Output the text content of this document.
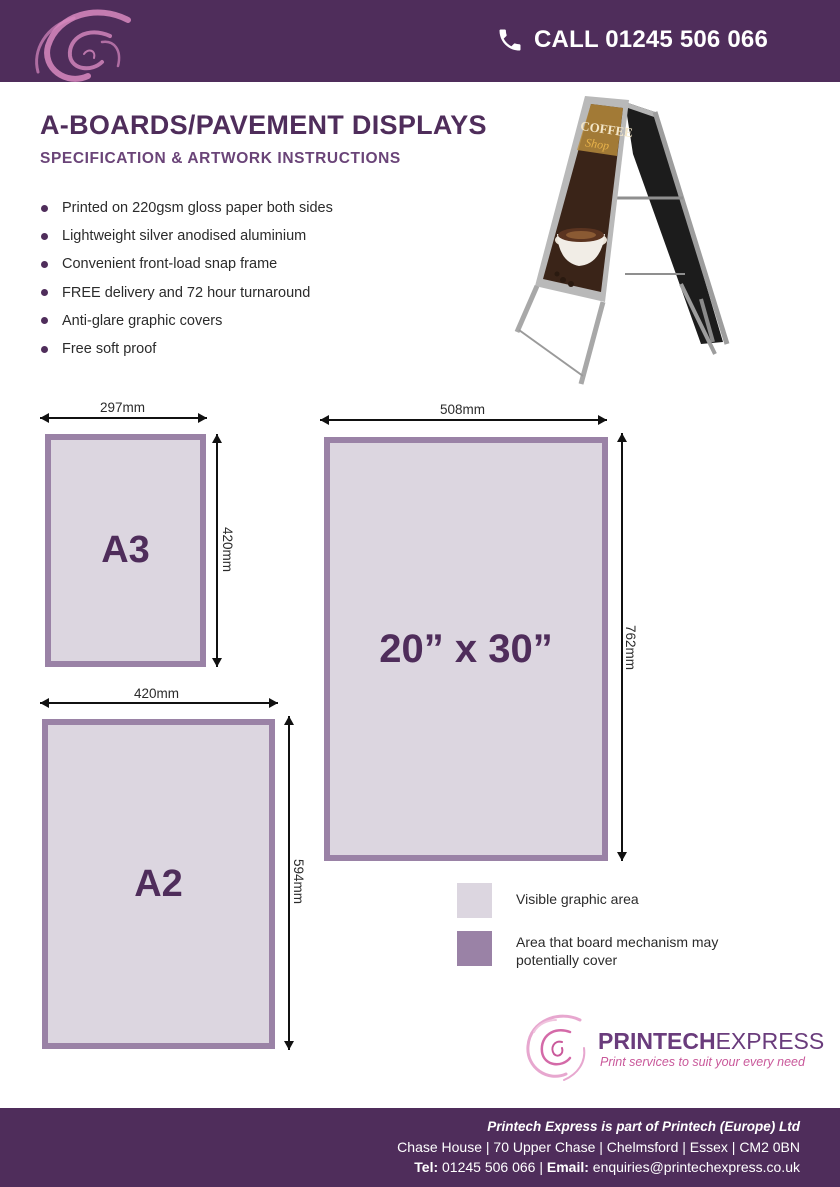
CALL 01245 506 066
A-BOARDS/PAVEMENT DISPLAYS
SPECIFICATION & ARTWORK INSTRUCTIONS
Printed on 220gsm gloss paper both sides
Lightweight silver anodised aluminium
Convenient front-load snap frame
FREE delivery and 72 hour turnaround
Anti-glare graphic covers
Free soft proof
COFFEE
Shop
297mm
A3	420mm
420mm
A2	594mm
508mm
20” x 30”	762mm
Visible graphic area
Area that board mechanism may
potentially cover
PRINTECHEXPRESS
Print services to suit your every need
Printech Express is part of Printech (Europe) Ltd
Chase House | 70 Upper Chase | Chelmsford | Essex | CM2 0BN
Tel: 01245 506 066 | Email: enquiries@printechexpress.co.uk
